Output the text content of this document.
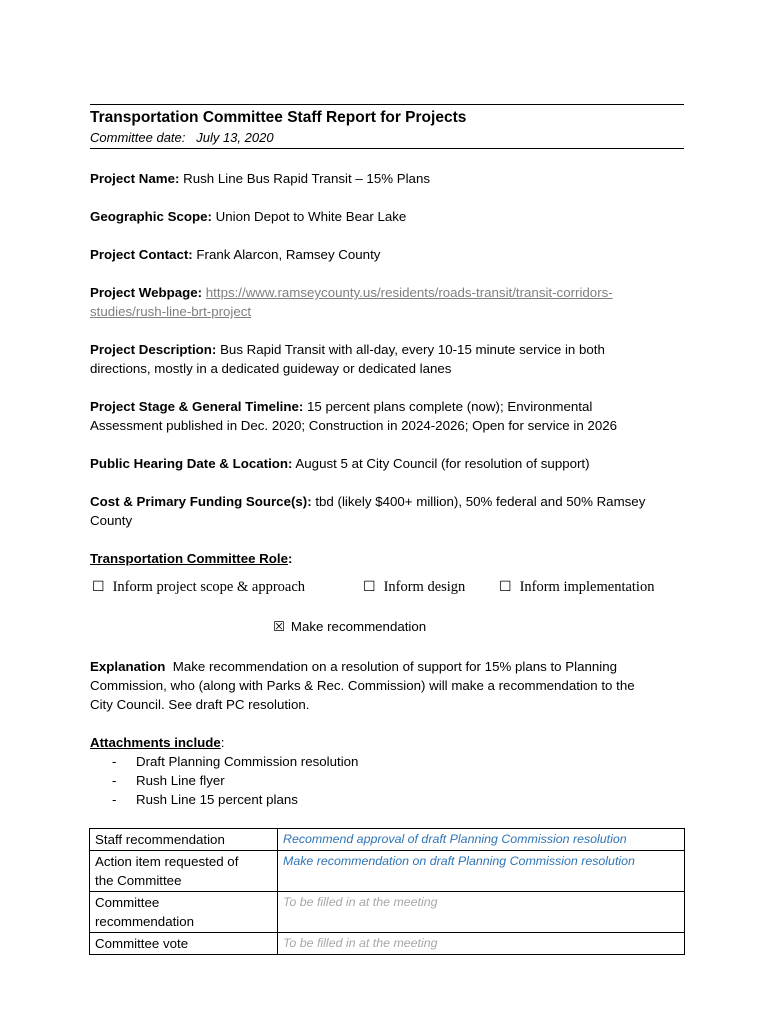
Transportation Committee Staff Report for Projects
Committee date: July 13, 2020

Project Name: Rush Line Bus Rapid Transit – 15% Plans

Geographic Scope: Union Depot to White Bear Lake

Project Contact: Frank Alarcon, Ramsey County

Project Webpage: https://www.ramseycounty.us/residents/roads-transit/transit-corridors-
studies/rush-line-brt-project

Project Description: Bus Rapid Transit with all-day, every 10-15 minute service in both
directions, mostly in a dedicated guideway or dedicated lanes

Project Stage & General Timeline: 15 percent plans complete (now); Environmental
Assessment published in Dec. 2020; Construction in 2024-2026; Open for service in 2026

Public Hearing Date & Location: August 5 at City Council (for resolution of support)

Cost & Primary Funding Source(s): tbd (likely $400+ million), 50% federal and 50% Ramsey
County

Transportation Committee Role:

☐ Inform project scope & approach	☐ Inform design ☐ Inform implementation
☒ Make recommendation

Explanation Make recommendation on a resolution of support for 15% plans to Planning
Commission, who (along with Parks & Rec. Commission) will make a recommendation to the
City Council. See draft PC resolution.

Attachments include:

- Draft Planning Commission resolution
- Rush Line flyer
- Rush Line 15 percent plans
Staff recommendation	Recommend approval of draft Planning Commission resolution
Action item requested of
the Committee	Make recommendation on draft Planning Commission resolution
Committee
recommendation	To be filled in at the meeting
Committee vote	To be filled in at the meeting
